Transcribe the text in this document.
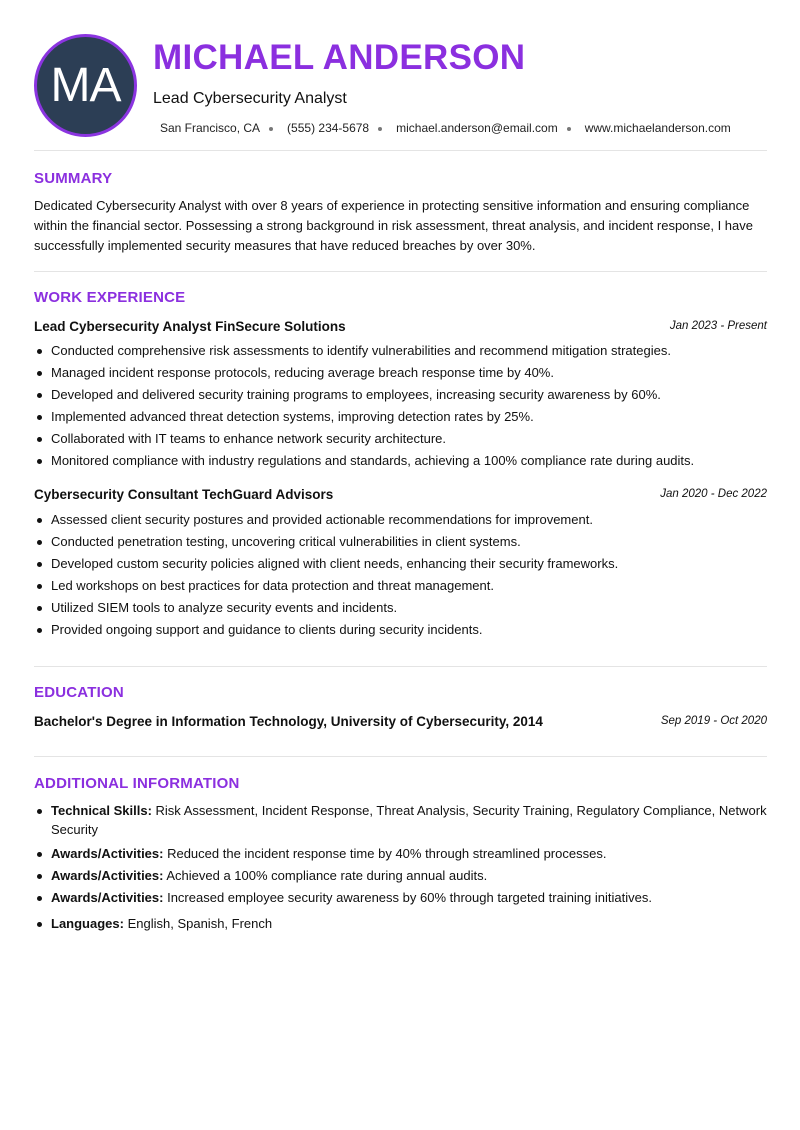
MA
MICHAEL ANDERSON
Lead Cybersecurity Analyst
San Francisco, CA (555) 234-5678 michael.anderson@email.com www.michaelanderson.com
SUMMARY
Dedicated Cybersecurity Analyst with over 8 years of experience in protecting sensitive information and ensuring compliance within the financial sector. Possessing a strong background in risk assessment, threat analysis, and incident response, I have successfully implemented security measures that have reduced breaches by over 30%.
WORK EXPERIENCE
Lead Cybersecurity Analyst FinSecure Solutions	Jan 2023 - Present
Conducted comprehensive risk assessments to identify vulnerabilities and recommend mitigation strategies.
Managed incident response protocols, reducing average breach response time by 40%.
Developed and delivered security training programs to employees, increasing security awareness by 60%.
Implemented advanced threat detection systems, improving detection rates by 25%.
Collaborated with IT teams to enhance network security architecture.
Monitored compliance with industry regulations and standards, achieving a 100% compliance rate during audits.
Cybersecurity Consultant TechGuard Advisors	Jan 2020 - Dec 2022
Assessed client security postures and provided actionable recommendations for improvement.
Conducted penetration testing, uncovering critical vulnerabilities in client systems.
Developed custom security policies aligned with client needs, enhancing their security frameworks.
Led workshops on best practices for data protection and threat management.
Utilized SIEM tools to analyze security events and incidents.
Provided ongoing support and guidance to clients during security incidents.
EDUCATION
Bachelor's Degree in Information Technology, University of Cybersecurity, 2014	Sep 2019 - Oct 2020
ADDITIONAL INFORMATION
Technical Skills: Risk Assessment, Incident Response, Threat Analysis, Security Training, Regulatory Compliance, Network Security
Awards/Activities: Reduced the incident response time by 40% through streamlined processes.
Awards/Activities: Achieved a 100% compliance rate during annual audits.
Awards/Activities: Increased employee security awareness by 60% through targeted training initiatives.
Languages: English, Spanish, French
